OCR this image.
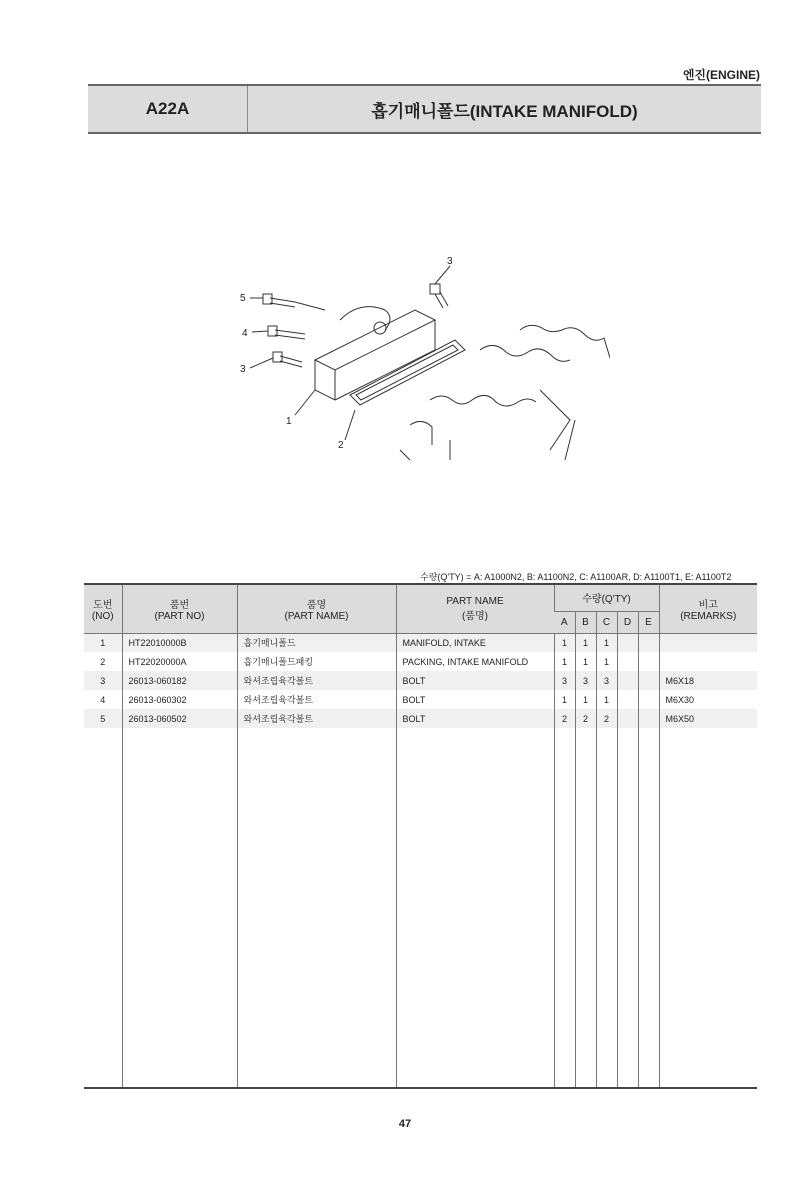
엔진(ENGINE)
A22A	흡기매니폴드(INTAKE MANIFOLD)
5
4
3
3
1
2
수량(Q'TY) = A: A1000N2, B: A1100N2, C: A1100AR, D: A1100T1, E: A1100T2
도번
(NO)	품번
(PART NO)	품명
(PART NAME)	PART NAME
(품명)	수량(Q'TY)					비고
(REMARKS)
				A	B	C	D	E	
1	HT22010000B	흡기매니폴드	MANIFOLD, INTAKE	1	1	1			
2	HT22020000A	흡기매니폴드패킹	PACKING, INTAKE MANIFOLD	1	1	1			
3	26013-060182	와셔조립육각볼트	BOLT	3	3	3			M6X18
4	26013-060302	와셔조립육각볼트	BOLT	1	1	1			M6X30
5	26013-060502	와셔조립육각볼트	BOLT	2	2	2			M6X50

47
